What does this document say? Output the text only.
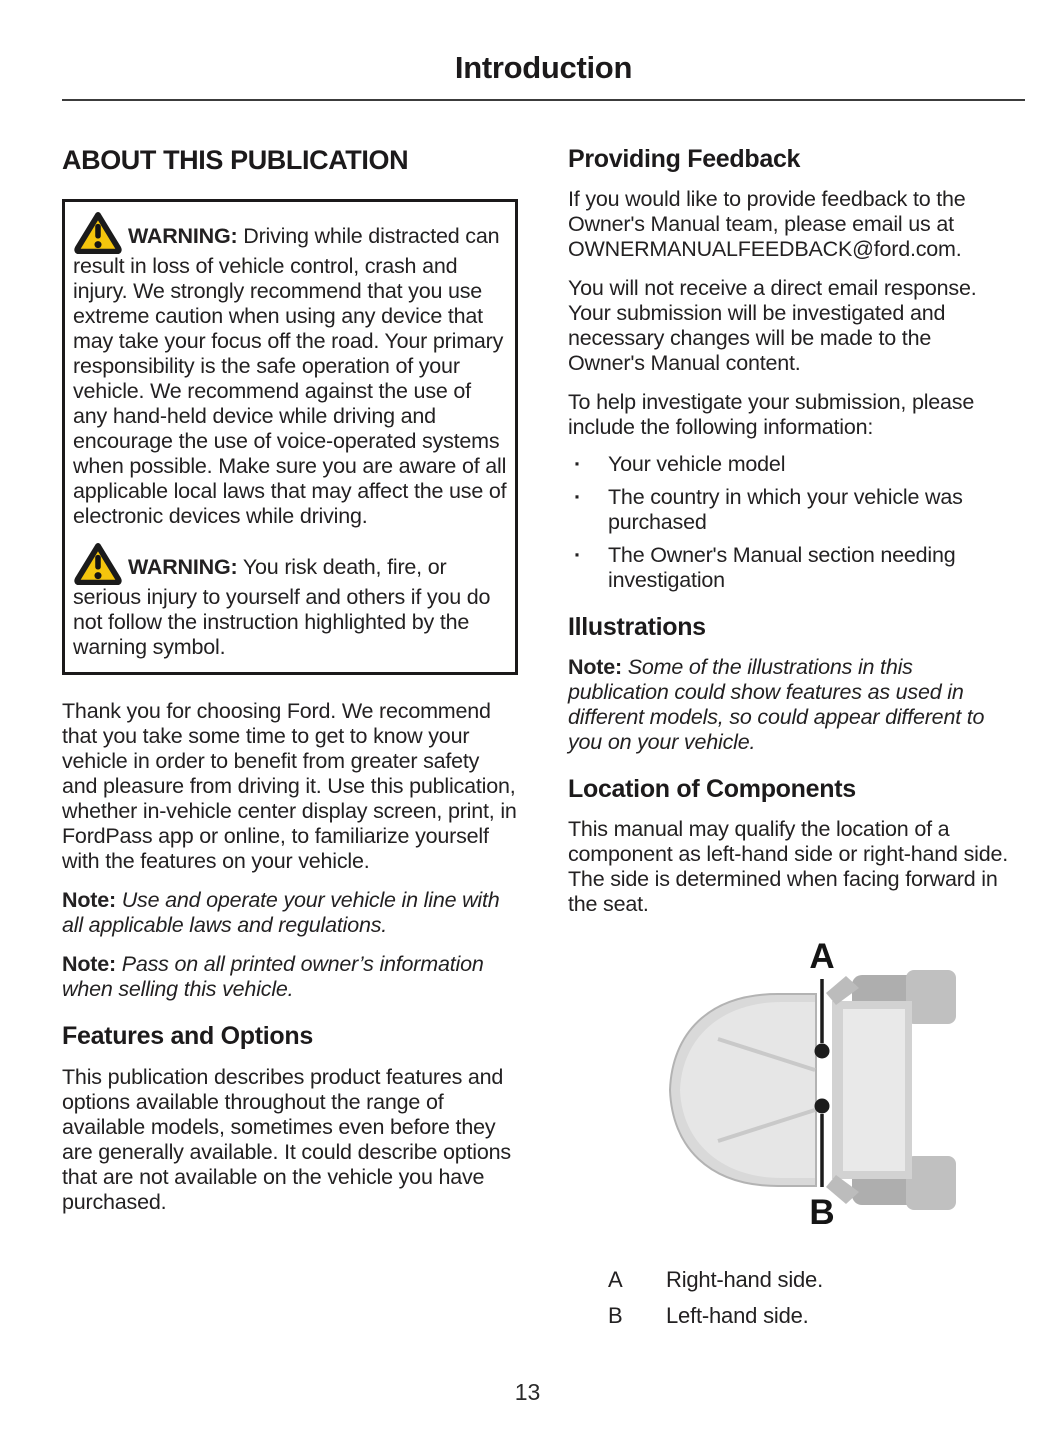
Introduction
ABOUT THIS PUBLICATION

WARNING: Driving while distracted can result in loss of vehicle control, crash and injury. We strongly recommend that you use extreme caution when using any device that may take your focus off the road. Your primary responsibility is the safe operation of your vehicle. We recommend against the use of any hand-held device while driving and encourage the use of voice-operated systems when possible. Make sure you are aware of all applicable local laws that may affect the use of electronic devices while driving.

WARNING: You risk death, fire, or serious injury to yourself and others if you do not follow the instruction highlighted by the warning symbol.

Thank you for choosing Ford. We recommend that you take some time to get to know your vehicle in order to benefit from greater safety and pleasure from driving it. Use this publication, whether in-vehicle center display screen, print, in FordPass app or online, to familiarize yourself with the features on your vehicle.

Note: Use and operate your vehicle in line with all applicable laws and regulations.

Note: Pass on all printed owner’s information when selling this vehicle.

Features and Options

This publication describes product features and options available throughout the range of available models, sometimes even before they are generally available. It could describe options that are not available on the vehicle you have purchased.

Providing Feedback

If you would like to provide feedback to the Owner's Manual team, please email us at OWNERMANUALFEEDBACK@ford.com.

You will not receive a direct email response. Your submission will be investigated and necessary changes will be made to the Owner's Manual content.

To help investigate your submission, please include the following information:

·	Your vehicle model
·	The country in which your vehicle was purchased
·	The Owner's Manual section needing investigation
Illustrations

Note: Some of the illustrations in this publication could show features as used in different models, so could appear different to you on your vehicle.

Location of Components

This manual may qualify the location of a component as left-hand side or right-hand side. The side is determined when facing forward in the seat.

A
B
A	Right-hand side.
B	Left-hand side.
13
